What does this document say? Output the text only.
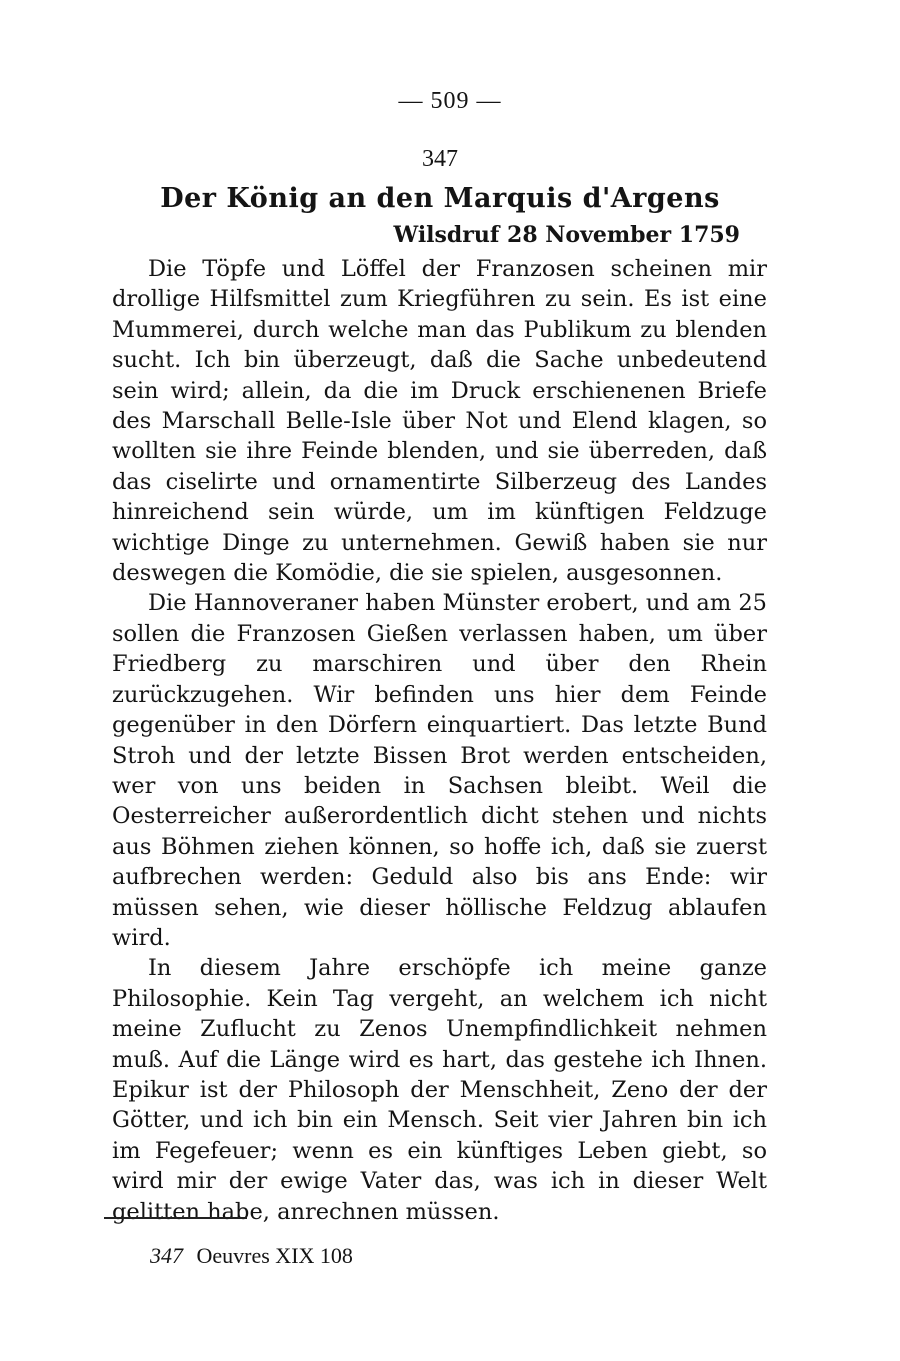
— 509 —
347
Der König an den Marquis d'Argens
Wilsdruf 28 November 1759

Die Töpfe und Löffel der Franzosen scheinen mir drollige Hilfsmittel zum Kriegführen zu sein. Es ist eine Mummerei, durch welche man das Publikum zu blenden sucht. Ich bin überzeugt, daß die Sache unbedeutend sein wird; allein, da die im Druck erschienenen Briefe des Marschall Belle-Isle über Not und Elend klagen, so wollten sie ihre Feinde blenden, und sie überreden, daß das ciselirte und ornamentirte Silberzeug des Landes hinreichend sein würde, um im künftigen Feldzuge wichtige Dinge zu unternehmen. Gewiß haben sie nur deswegen die Komödie, die sie spielen, ausgesonnen.

Die Hannoveraner haben Münster erobert, und am 25 sollen die Franzosen Gießen verlassen haben, um über Friedberg zu marschiren und über den Rhein zurückzugehen. Wir befinden uns hier dem Feinde gegenüber in den Dörfern einquartiert. Das letzte Bund Stroh und der letzte Bissen Brot werden entscheiden, wer von uns beiden in Sachsen bleibt. Weil die Oesterreicher außerordentlich dicht stehen und nichts aus Böhmen ziehen können, so hoffe ich, daß sie zuerst aufbrechen werden: Geduld also bis ans Ende: wir müssen sehen, wie dieser höllische Feldzug ablaufen wird.

In diesem Jahre erschöpfe ich meine ganze Philosophie. Kein Tag vergeht, an welchem ich nicht meine Zuflucht zu Zenos Unempfindlichkeit nehmen muß. Auf die Länge wird es hart, das gestehe ich Ihnen. Epikur ist der Philosoph der Menschheit, Zeno der der Götter, und ich bin ein Mensch. Seit vier Jahren bin ich im Fegefeuer; wenn es ein künftiges Leben giebt, so wird mir der ewige Vater das, was ich in dieser Welt gelitten habe, anrechnen müssen.

347 Oeuvres XIX 108
